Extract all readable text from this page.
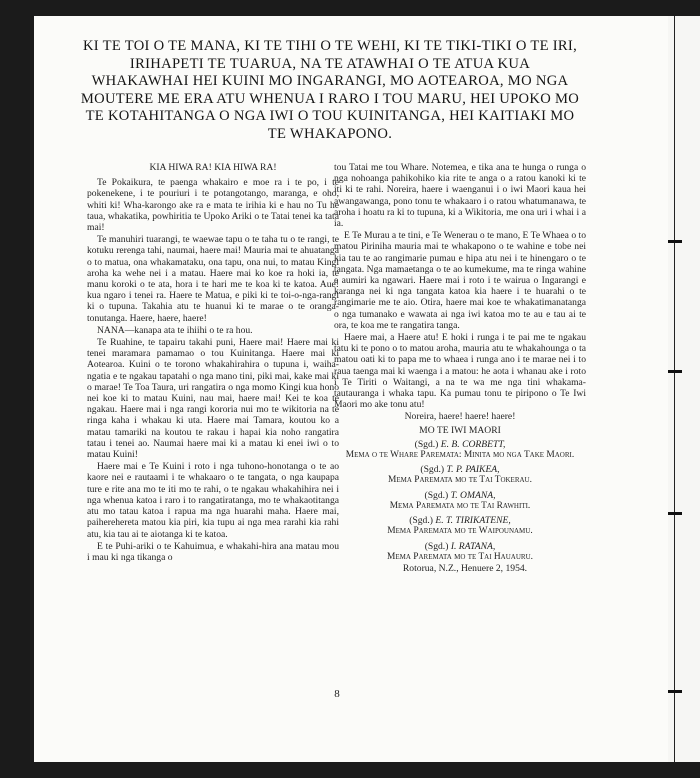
KI TE TOI O TE MANA, KI TE TIHI O TE WEHI, KI TE TIKI-TIKI O TE IRI, IRIHAPETI TE TUARUA, NA TE ATAWHAI O TE ATUA KUA WHAKAWHAI HEI KUINI MO INGARANGI, MO AOTEAROA, MO NGA MOUTERE ME ERA ATU WHENUA I RARO I TOU MARU, HEI UPOKO MO TE KOTAHITANGA O NGA IWI O TOU KUINITANGA, HEI KAITIAKI MO TE WHAKAPONO.

KIA HIWA RA! KIA HIWA RA!

Te Pokaikura, te paenga whakairo e moe ra i te po, i te pokenekene, i te pouriuri i te potangotango, maranga, e oho, whiti ki! Wha-karongo ake ra e mata te irihia ki e hau no Tu he taua, whakatika, powhiritia te Upoko Ariki o te Tatai tenei ka tata mai!

Te manuhiri tuarangi, te waewae tapu o te taha tu o te rangi, te kotuku rerenga tahi, naumai, haere mai! Mauria mai te ahuatanga o to matua, ona whakamataku, ona tapu, ona nui, to matau Kingi aroha ka wehe nei i a matau. Haere mai ko koe ra hoki ia, te manu koroki o te ata, hora i te hari me te koa ki te katoa. Aue! kua ngaro i tenei ra. Haere te Matua, e piki ki te toi-o-nga-rangi ki o tupuna. Takahia atu te huanui ki te marae o te oranga-tonutanga. Haere, haere, haere!

NANA—kanapa ata te ihiihi o te ra hou.

Te Ruahine, te tapairu takahi puni, Haere mai! Haere mai ki tenei maramara pamamao o tou Kuinitanga. Haere mai ki Aotearoa. Kuini o te torono whakahirahira o tupuna i, waiha-ngatia e te ngakau tapatahi o nga mano tini, piki mai, kake mai ki o marae! Te Toa Taura, uri rangatira o nga momo Kingi kua hono nei koe ki to matau Kuini, nau mai, haere mai! Kei te koa te ngakau. Haere mai i nga rangi kororia nui mo te wikitoria na te ringa kaha i whakau ki uta. Haere mai Tamara, koutou ko a matau tamariki na koutou te rakau i hapai kia noho rangatira tatau i tenei ao. Naumai haere mai ki a matau ki enei iwi o to matau Kuini!

Haere mai e Te Kuini i roto i nga tuhono-honotanga o te ao kaore nei e rautaami i te whakaaro o te tangata, o nga kaupapa ture e rite ana mo te iti mo te rahi, o te ngakau whakahihira nei i nga whenua katoa i raro i to rangatiratanga, mo te whakaotitanga atu mo tatau katoa i rapua ma nga huarahi maha. Haere mai, paiherehereta matou kia piri, kia tupu ai nga mea rarahi kia rahi atu, kia tau ai te aiotanga ki te katoa.

E te Puhi-ariki o te Kahuimua, e whakahi-hira ana matau mou i mau ki nga tikanga o

tou Tatai me tou Whare. Notemea, e tika ana te hunga o runga o nga nohoanga pahikohiko kia rite te anga o a ratou kanoki ki te iti ki te rahi. Noreira, haere i waenganui i o iwi Maori kaua hei awangawanga, pono tonu te whakaaro i o ratou whatumanawa, te aroha i hoatu ra ki to tupuna, ki a Wikitoria, me ona uri i whai i a ia.

E Te Murau a te tini, e Te Wenerau o te mano, E Te Whaea o to matou Piriniha mauria mai te whakapono o te wahine e tobe nei kia tau te ao rangimarie pumau e hipa atu nei i te hinengaro o te tangata. Nga mamaetanga o te ao kumekume, ma te ringa wahine e aumiri ka ngawari. Haere mai i roto i te wairua o Ingarangi e karanga nei ki nga tangata katoa kia haere i te huarahi o te rangimarie me te aio. Otira, haere mai koe te whakatimanatanga o nga tumanako e wawata ai nga iwi katoa mo te au e tau ai te ora, te koa me te rangatira tanga.

Haere mai, a Haere atu! E hoki i runga i te pai me te ngakau tatu ki te pono o to matou aroha, mauria atu te whakahounga o ta matou oati ki to papa me to whaea i runga ano i te marae nei i to raua taenga mai ki waenga i a matou: he aota i whanau ake i roto i Te Tiriti o Waitangi, a na te wa me nga tini whakama-tautauranga i whaka tapu. Ka pumau tonu te piripono o Te Iwi Maori mo ake tonu atu!

Noreira, haere! haere! haere!

MO TE IWI MAORI

(Sgd.) E. B. CORBETT,
Mema o te Whare Paremata: Minita mo nga Take Maori.
(Sgd.) T. P. PAIKEA,
Mema Paremata mo te Tai Tokerau.
(Sgd.) T. OMANA,
Mema Paremata mo te Tai Rawhiti.
(Sgd.) E. T. TIRIKATENE,
Mema Paremata mo te Waipounamu.
(Sgd.) I. RATANA,
Mema Paremata mo te Tai Hauauru.

Rotorua, N.Z., Henuere 2, 1954.

8
